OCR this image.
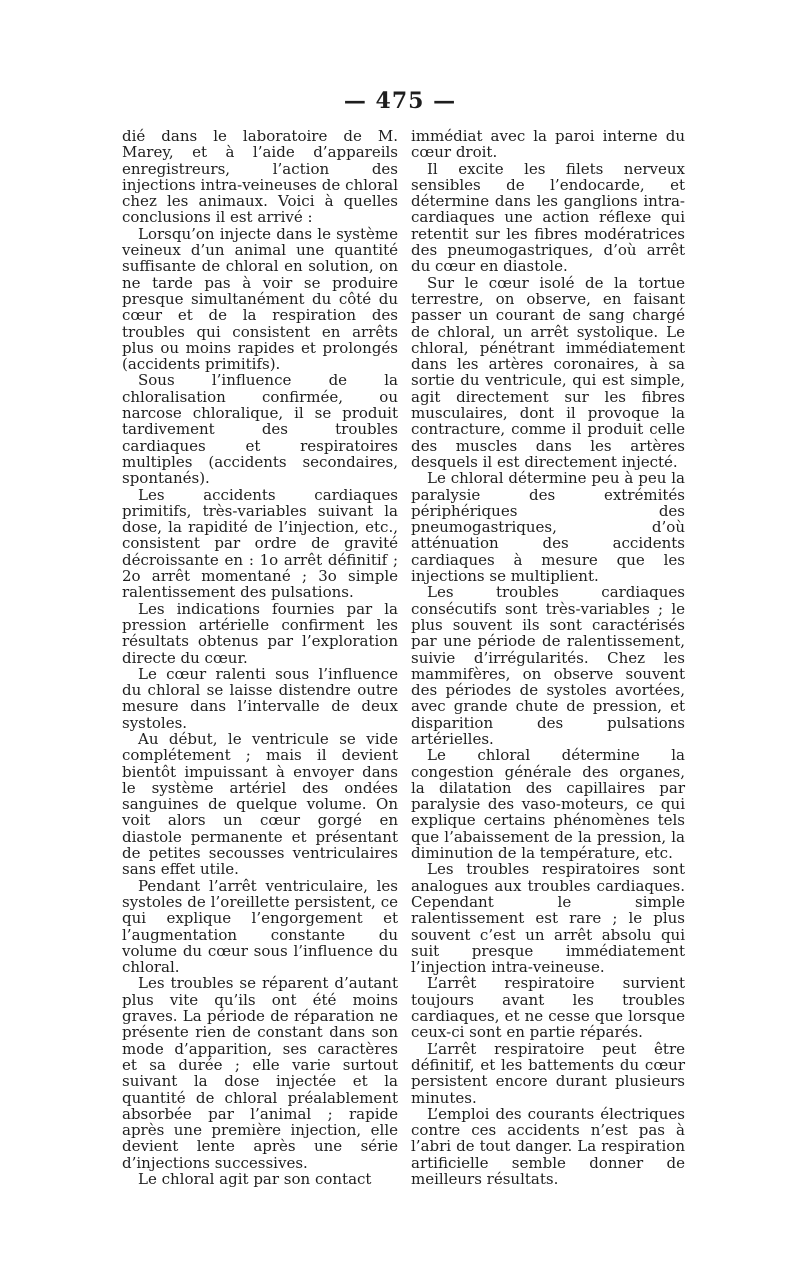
— 475 —

dié dans le laboratoire de M. Marey, et à l’aide d’appareils enregistreurs, l’action des injections intra-veineuses de chloral chez les animaux. Voici à quelles conclusions il est arrivé :

Lorsqu’on injecte dans le système veineux d’un animal une quantité suffisante de chloral en solution, on ne tarde pas à voir se produire presque simultanément du côté du cœur et de la respiration des troubles qui consistent en arrêts plus ou moins rapides et prolongés (accidents primitifs).

Sous l’influence de la chloralisation confirmée, ou narcose chloralique, il se produit tardivement des troubles cardiaques et respiratoires multiples (accidents secondaires, spontanés).

Les accidents cardiaques primitifs, très-variables suivant la dose, la rapidité de l’injection, etc., consistent par ordre de gravité décroissante en : 1o arrêt définitif ; 2o arrêt momentané ; 3o simple ralentissement des pulsations.

Les indications fournies par la pression artérielle confirment les résultats obtenus par l’exploration directe du cœur.

Le cœur ralenti sous l’influence du chloral se laisse distendre outre mesure dans l’intervalle de deux systoles.

Au début, le ventricule se vide complétement ; mais il devient bientôt impuissant à envoyer dans le système artériel des ondées sanguines de quelque volume. On voit alors un cœur gorgé en diastole permanente et présentant de petites secousses ventriculaires sans effet utile.

Pendant l’arrêt ventriculaire, les systoles de l’oreillette persistent, ce qui explique l’engorgement et l’augmentation constante du volume du cœur sous l’influence du chloral.

Les troubles se réparent d’autant plus vite qu’ils ont été moins graves. La période de réparation ne présente rien de constant dans son mode d’apparition, ses caractères et sa durée ; elle varie surtout suivant la dose injectée et la quantité de chloral préalablement absorbée par l’animal ; rapide après une première injection, elle devient lente après une série d’injections successives.

Le chloral agit par son contact

immédiat avec la paroi interne du cœur droit.

Il excite les filets nerveux sensibles de l’endocarde, et détermine dans les ganglions intra-cardiaques une action réflexe qui retentit sur les fibres modératrices des pneumogastriques, d’où arrêt du cœur en diastole.

Sur le cœur isolé de la tortue terrestre, on observe, en faisant passer un courant de sang chargé de chloral, un arrêt systolique. Le chloral, pénétrant immédiatement dans les artères coronaires, à sa sortie du ventricule, qui est simple, agit directement sur les fibres musculaires, dont il provoque la contracture, comme il produit celle des muscles dans les artères desquels il est directement injecté.

Le chloral détermine peu à peu la paralysie des extrémités périphériques des pneumogastriques, d’où atténuation des accidents cardiaques à mesure que les injections se multiplient.

Les troubles cardiaques consécutifs sont très-variables ; le plus souvent ils sont caractérisés par une période de ralentissement, suivie d’irrégularités. Chez les mammifères, on observe souvent des périodes de systoles avortées, avec grande chute de pression, et disparition des pulsations artérielles.

Le chloral détermine la congestion générale des organes, la dilatation des capillaires par paralysie des vaso-moteurs, ce qui explique certains phénomènes tels que l’abaissement de la pression, la diminution de la température, etc.

Les troubles respiratoires sont analogues aux troubles cardiaques. Cependant le simple ralentissement est rare ; le plus souvent c’est un arrêt absolu qui suit presque immédiatement l’injection intra-veineuse.

L’arrêt respiratoire survient toujours avant les troubles cardiaques, et ne cesse que lorsque ceux-ci sont en partie réparés.

L’arrêt respiratoire peut être définitif, et les battements du cœur persistent encore durant plusieurs minutes.

L’emploi des courants électriques contre ces accidents n’est pas à l’abri de tout danger. La respiration artificielle semble donner de meilleurs résultats.
